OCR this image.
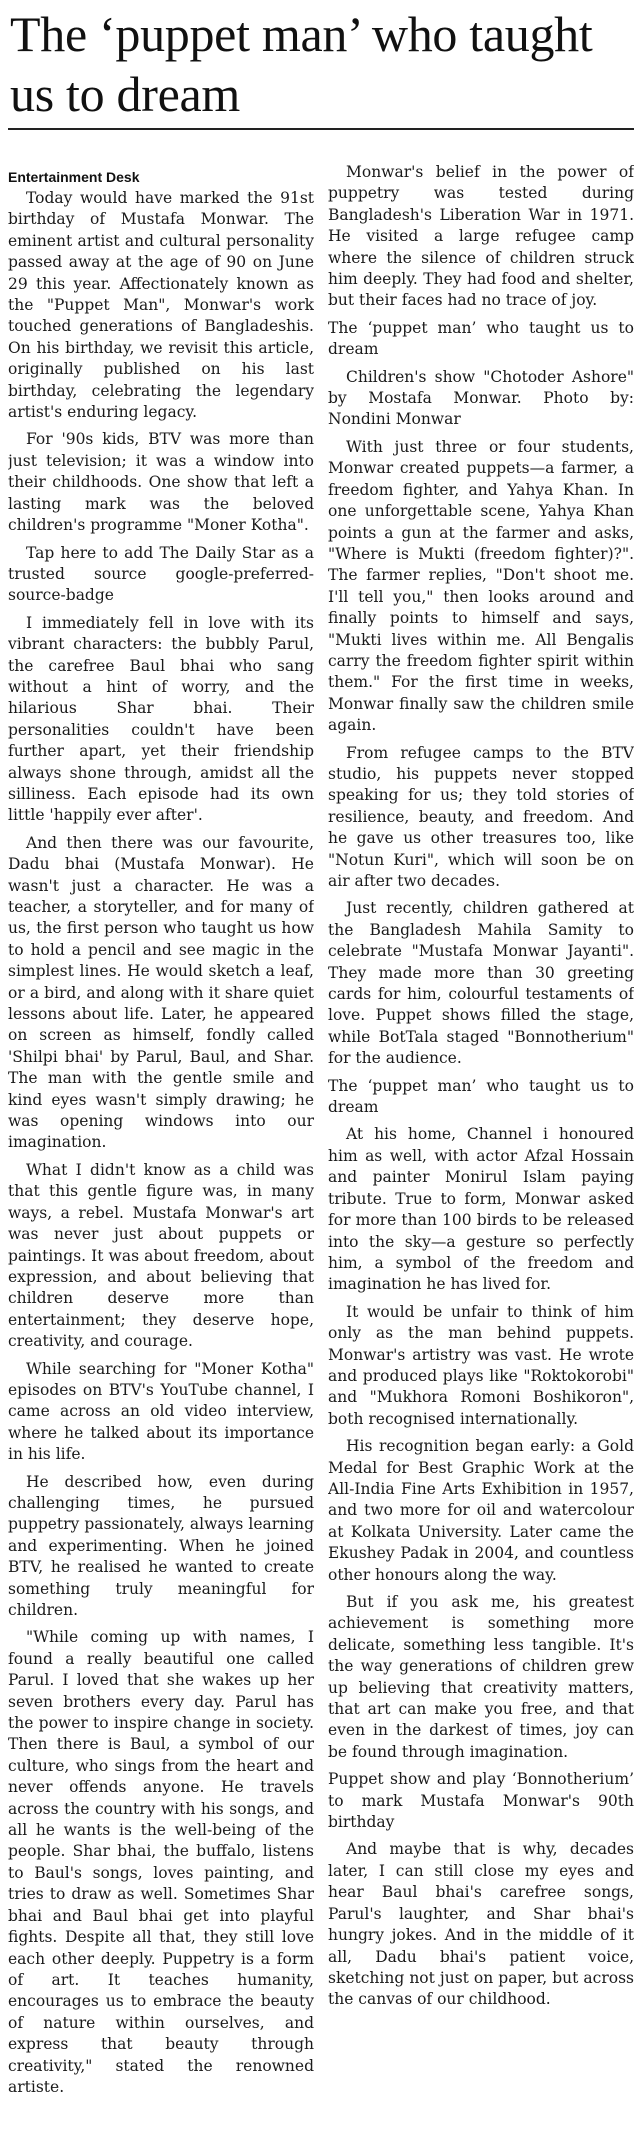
The ‘puppet man’ who taught us to dream
Entertainment Desk

Today would have marked the 91st birthday of Mustafa Monwar. The eminent artist and cultural personality passed away at the age of 90 on June 29 this year. Affectionately known as the "Puppet Man", Monwar's work touched generations of Bangladeshis. On his birthday, we revisit this article, originally published on his last birthday, celebrating the legendary artist's enduring legacy.

For '90s kids, BTV was more than just television; it was a window into their childhoods. One show that left a lasting mark was the beloved children's programme "Moner Kotha".

Tap here to add The Daily Star as a trusted source google-preferred-source-badge

I immediately fell in love with its vibrant characters: the bubbly Parul, the carefree Baul bhai who sang without a hint of worry, and the hilarious Shar bhai. Their personalities couldn't have been further apart, yet their friendship always shone through, amidst all the silliness. Each episode had its own little 'happily ever after'.

And then there was our favourite, Dadu bhai (Mustafa Monwar). He wasn't just a character. He was a teacher, a storyteller, and for many of us, the first person who taught us how to hold a pencil and see magic in the simplest lines. He would sketch a leaf, or a bird, and along with it share quiet lessons about life. Later, he appeared on screen as himself, fondly called 'Shilpi bhai' by Parul, Baul, and Shar. The man with the gentle smile and kind eyes wasn't simply drawing; he was opening windows into our imagination.

What I didn't know as a child was that this gentle figure was, in many ways, a rebel. Mustafa Monwar's art was never just about puppets or paintings. It was about freedom, about expression, and about believing that children deserve more than entertainment; they deserve hope, creativity, and courage.

While searching for "Moner Kotha" episodes on BTV's YouTube channel, I came across an old video interview, where he talked about its importance in his life.

He described how, even during challenging times, he pursued puppetry passionately, always learning and experimenting. When he joined BTV, he realised he wanted to create something truly meaningful for children.

"While coming up with names, I found a really beautiful one called Parul. I loved that she wakes up her seven brothers every day. Parul has the power to inspire change in society. Then there is Baul, a symbol of our culture, who sings from the heart and never offends anyone. He travels across the country with his songs, and all he wants is the well-being of the people. Shar bhai, the buffalo, listens to Baul's songs, loves painting, and tries to draw as well. Sometimes Shar bhai and Baul bhai get into playful fights. Despite all that, they still love each other deeply. Puppetry is a form of art. It teaches humanity, encourages us to embrace the beauty of nature within ourselves, and express that beauty through creativity," stated the renowned artiste.

Monwar's belief in the power of puppetry was tested during Bangladesh's Liberation War in 1971. He visited a large refugee camp where the silence of children struck him deeply. They had food and shelter, but their faces had no trace of joy.

The ‘puppet man’ who taught us to dream

Children's show "Chotoder Ashore" by Mostafa Monwar. Photo by: Nondini Monwar

With just three or four students, Monwar created puppets—a farmer, a freedom fighter, and Yahya Khan. In one unforgettable scene, Yahya Khan points a gun at the farmer and asks, "Where is Mukti (freedom fighter)?". The farmer replies, "Don't shoot me. I'll tell you," then looks around and finally points to himself and says, "Mukti lives within me. All Bengalis carry the freedom fighter spirit within them." For the first time in weeks, Monwar finally saw the children smile again.

From refugee camps to the BTV studio, his puppets never stopped speaking for us; they told stories of resilience, beauty, and freedom. And he gave us other treasures too, like "Notun Kuri", which will soon be on air after two decades.

Just recently, children gathered at the Bangladesh Mahila Samity to celebrate "Mustafa Monwar Jayanti". They made more than 30 greeting cards for him, colourful testaments of love. Puppet shows filled the stage, while BotTala staged "Bonnotherium" for the audience.

The ‘puppet man’ who taught us to dream

At his home, Channel i honoured him as well, with actor Afzal Hossain and painter Monirul Islam paying tribute. True to form, Monwar asked for more than 100 birds to be released into the sky—a gesture so perfectly him, a symbol of the freedom and imagination he has lived for.

It would be unfair to think of him only as the man behind puppets. Monwar's artistry was vast. He wrote and produced plays like "Roktokorobi" and "Mukhora Romoni Boshikoron", both recognised internationally.

His recognition began early: a Gold Medal for Best Graphic Work at the All-India Fine Arts Exhibition in 1957, and two more for oil and watercolour at Kolkata University. Later came the Ekushey Padak in 2004, and countless other honours along the way.

But if you ask me, his greatest achievement is something more delicate, something less tangible. It's the way generations of children grew up believing that creativity matters, that art can make you free, and that even in the darkest of times, joy can be found through imagination.

Puppet show and play ‘Bonnotherium’ to mark Mustafa Monwar's 90th birthday

And maybe that is why, decades later, I can still close my eyes and hear Baul bhai's carefree songs, Parul's laughter, and Shar bhai's hungry jokes. And in the middle of it all, Dadu bhai's patient voice, sketching not just on paper, but across the canvas of our childhood.
